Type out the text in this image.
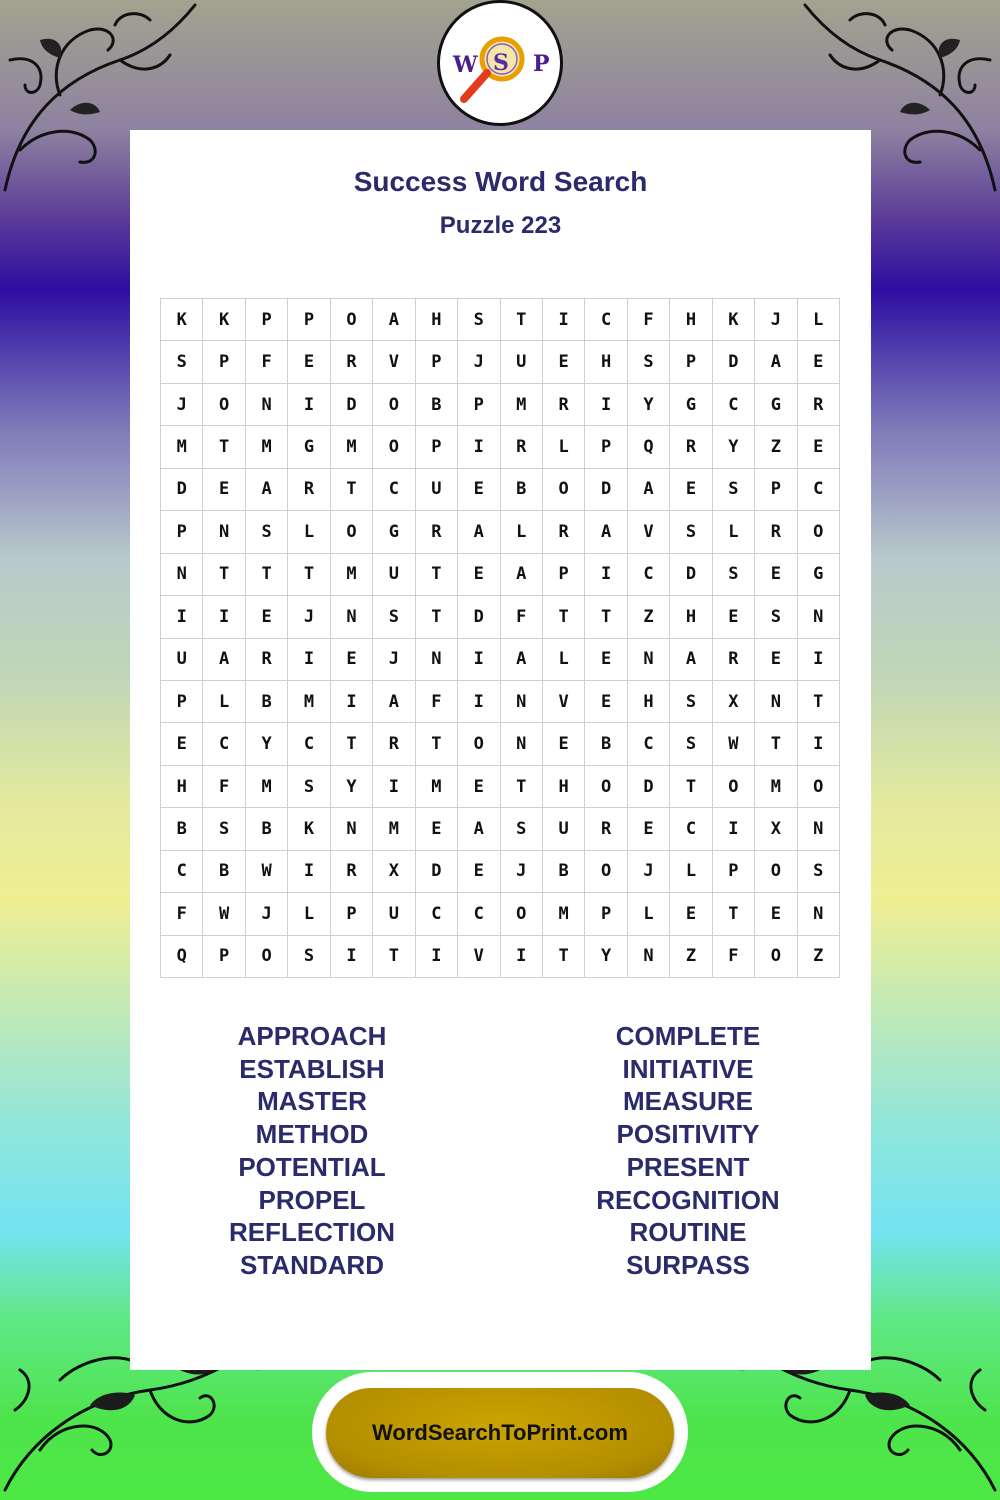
Success Word Search
Puzzle 223
W S P
K	K	P	P	O	A	H	S	T	I	C	F	H	K	J	L
S	P	F	E	R	V	P	J	U	E	H	S	P	D	A	E
J	O	N	I	D	O	B	P	M	R	I	Y	G	C	G	R
M	T	M	G	M	O	P	I	R	L	P	Q	R	Y	Z	E
D	E	A	R	T	C	U	E	B	O	D	A	E	S	P	C
P	N	S	L	O	G	R	A	L	R	A	V	S	L	R	O
N	T	T	T	M	U	T	E	A	P	I	C	D	S	E	G
I	I	E	J	N	S	T	D	F	T	T	Z	H	E	S	N
U	A	R	I	E	J	N	I	A	L	E	N	A	R	E	I
P	L	B	M	I	A	F	I	N	V	E	H	S	X	N	T
E	C	Y	C	T	R	T	O	N	E	B	C	S	W	T	I
H	F	M	S	Y	I	M	E	T	H	O	D	T	O	M	O
B	S	B	K	N	M	E	A	S	U	R	E	C	I	X	N
C	B	W	I	R	X	D	E	J	B	O	J	L	P	O	S
F	W	J	L	P	U	C	C	O	M	P	L	E	T	E	N
Q	P	O	S	I	T	I	V	I	T	Y	N	Z	F	O	Z
APPROACH
ESTABLISH
MASTER
METHOD
POTENTIAL
PROPEL
REFLECTION
STANDARD
COMPLETE
INITIATIVE
MEASURE
POSITIVITY
PRESENT
RECOGNITION
ROUTINE
SURPASS
WordSearchToPrint.com
